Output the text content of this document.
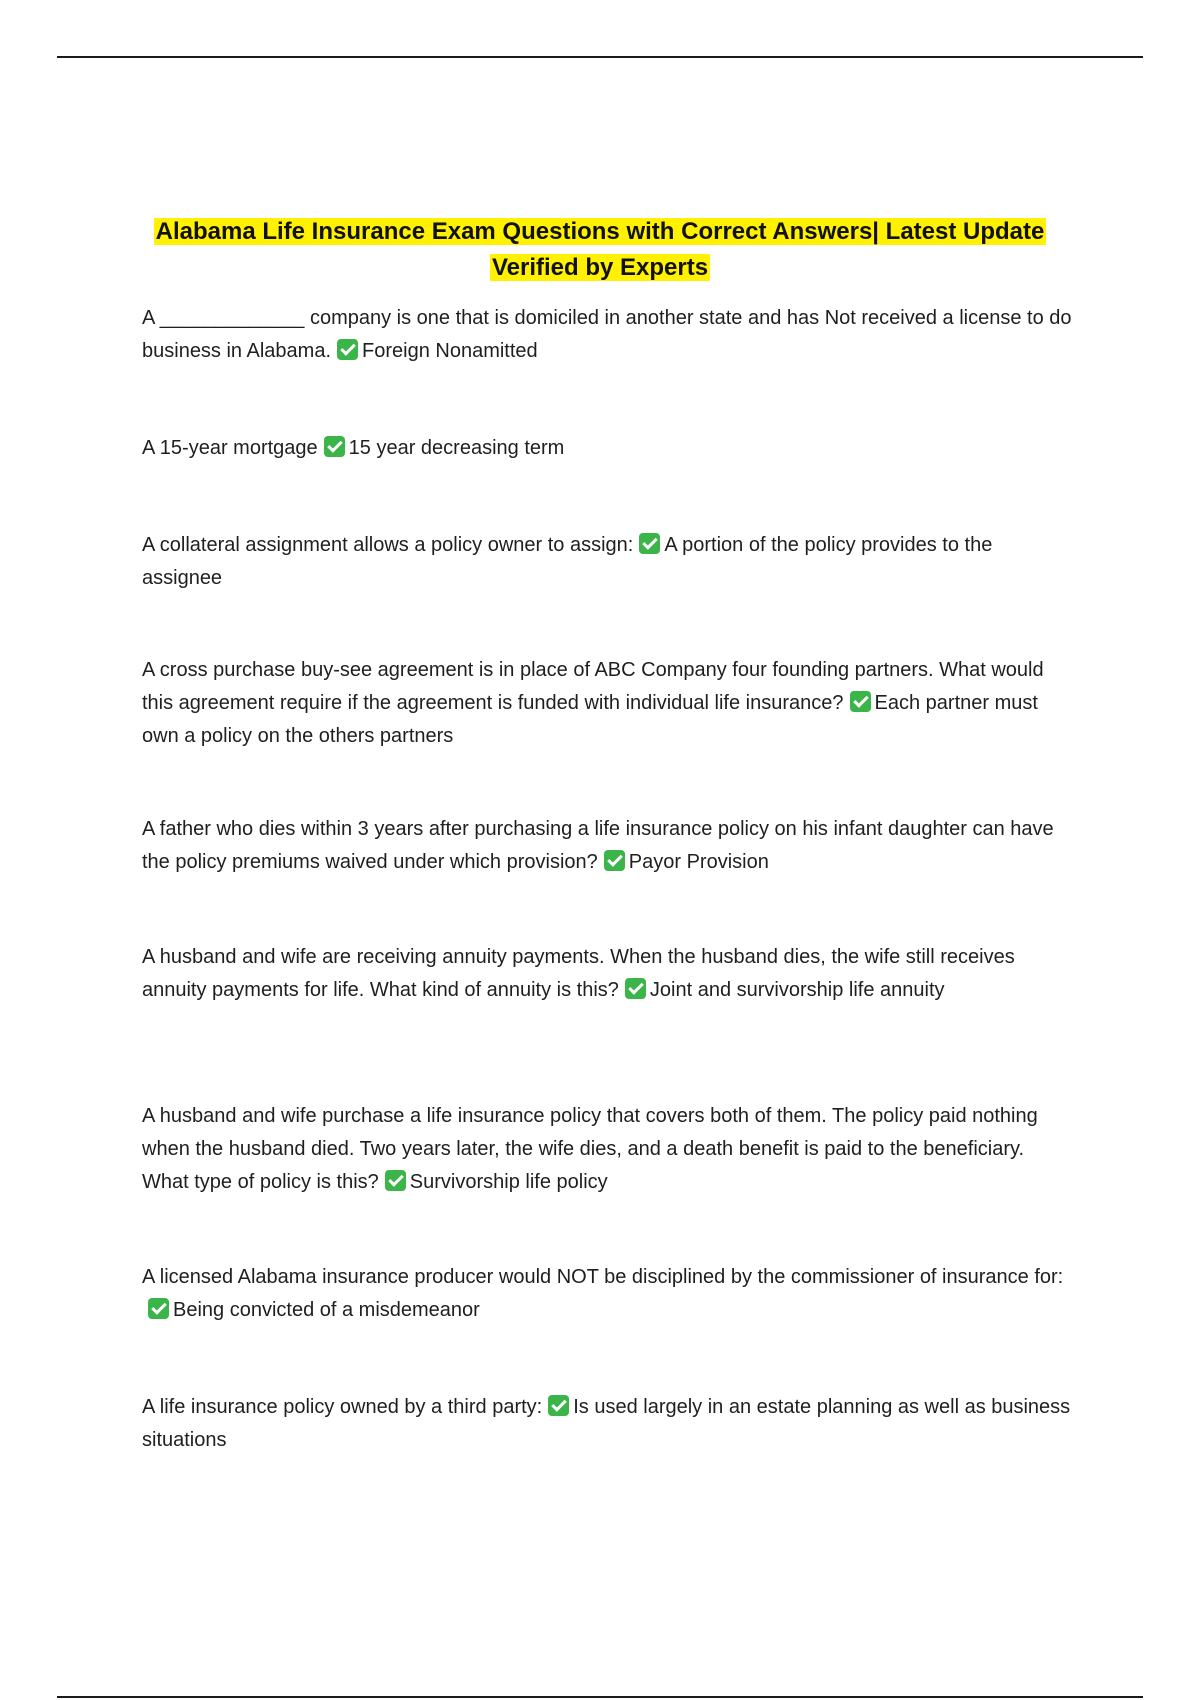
Alabama Life Insurance Exam Questions with Correct Answers| Latest Update
Verified by Experts
A _____________ company is one that is domiciled in another state and has Not received a license to do business in Alabama. Foreign Nonamitted
A 15-year mortgage 15 year decreasing term
A collateral assignment allows a policy owner to assign: A portion of the policy provides to the assignee
A cross purchase buy-see agreement is in place of ABC Company four founding partners. What would this agreement require if the agreement is funded with individual life insurance? Each partner must own a policy on the others partners
A father who dies within 3 years after purchasing a life insurance policy on his infant daughter can have the policy premiums waived under which provision? Payor Provision
A husband and wife are receiving annuity payments. When the husband dies, the wife still receives annuity payments for life. What kind of annuity is this? Joint and survivorship life annuity
A husband and wife purchase a life insurance policy that covers both of them. The policy paid nothing when the husband died. Two years later, the wife dies, and a death benefit is paid to the beneficiary. What type of policy is this? Survivorship life policy
A licensed Alabama insurance producer would NOT be disciplined by the commissioner of insurance for:Being convicted of a misdemeanor
A life insurance policy owned by a third party: Is used largely in an estate planning as well as business situations
